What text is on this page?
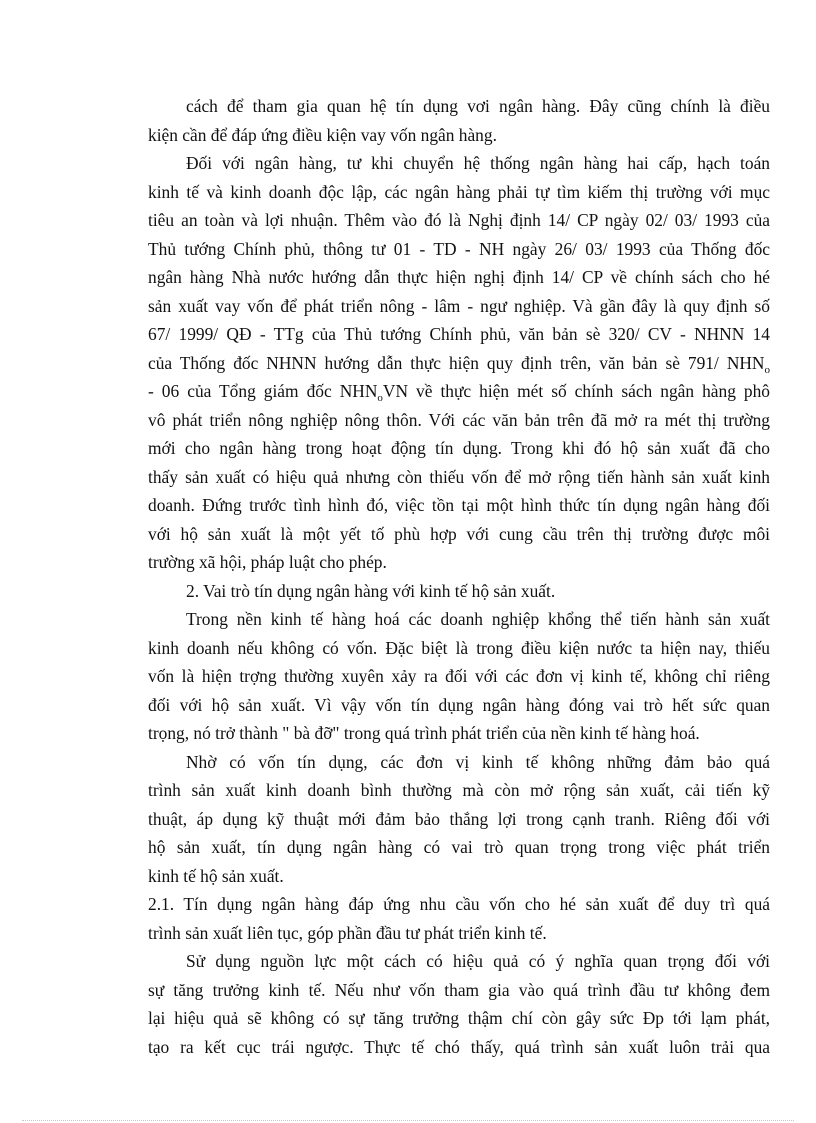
cách để tham gia quan hệ tín dụng vơi ngân hàng. Đây cũng chính là điều
kiện cần để đáp ứng điều kiện vay vốn ngân hàng.
Đối với ngân hàng, tư khi chuyển hệ thống ngân hàng hai cấp, hạch toán
kinh tế và kinh doanh độc lập, các ngân hàng phải tự tìm kiếm thị trường với mục
tiêu an toàn và lợi nhuận. Thêm vào đó là Nghị định 14/ CP ngày 02/ 03/ 1993 của
Thủ tướng Chính phủ, thông tư 01 - TD - NH ngày 26/ 03/ 1993 của Thống đốc
ngân hàng Nhà nước hướng dẫn thực hiện nghị định 14/ CP về chính sách cho hé
sản xuất vay vốn để phát triển nông - lâm - ngư nghiệp. Và gần đây là quy định số
67/ 1999/ QĐ - TTg của Thủ tướng Chính phủ, văn bản sè 320/ CV - NHNN 14
của Thống đốc NHNN hướng dẫn thực hiện quy định trên, văn bản sè 791/ $NHN_o$
- 06 của Tổng giám đốc $NHN_oVN$ về thực hiện mét số chính sách ngân hàng phô
vô phát triển nông nghiệp nông thôn. Với các văn bản trên đã mở ra mét thị trường
mới cho ngân hàng trong hoạt động tín dụng. Trong khi đó hộ sản xuất đã cho
thấy sản xuất có hiệu quả nhưng còn thiếu vốn để mở rộng tiến hành sản xuất kinh
doanh. Đứng trước tình hình đó, việc tồn tại một hình thức tín dụng ngân hàng đối
với hộ sản xuất là một yết tố phù hợp với cung cầu trên thị trường được môi
trường xã hội, pháp luật cho phép.
2. Vai trò tín dụng ngân hàng với kinh tế hộ sản xuất.
Trong nền kinh tế hàng hoá các doanh nghiệp khổng thể tiến hành sản xuất
kinh doanh nếu không có vốn. Đặc biệt là trong điều kiện nước ta hiện nay, thiếu
vốn là hiện trợng thường xuyên xảy ra đối với các đơn vị kinh tế, không chỉ riêng
đối với hộ sản xuất. Vì vậy vốn tín dụng ngân hàng đóng vai trò hết sức quan
trọng, nó trở thành " bà đỡ" trong quá trình phát triển của nền kinh tế hàng hoá.
Nhờ có vốn tín dụng, các đơn vị kinh tế không những đảm bảo quá
trình sản xuất kinh doanh bình thường mà còn mở rộng sản xuất, cải tiến kỹ
thuật, áp dụng kỹ thuật mới đảm bảo thắng lợi trong cạnh tranh. Riêng đối với
hộ sản xuất, tín dụng ngân hàng có vai trò quan trọng trong việc phát triển
kinh tế hộ sản xuất.
2.1. Tín dụng ngân hàng đáp ứng nhu cầu vốn cho hé sản xuất để duy trì quá
trình sản xuất liên tục, góp phần đầu tư phát triển kinh tế.
Sử dụng nguồn lực một cách có hiệu quả có ý nghĩa quan trọng đối với
sự tăng trưởng kinh tế. Nếu như vốn tham gia vào quá trình đầu tư không đem
lại hiệu quả sẽ không có sự tăng trưởng thậm chí còn gây sức Ðp tới lạm phát,
tạo ra kết cục trái ngược. Thực tế chó thấy, quá trình sản xuất luôn trải qua
